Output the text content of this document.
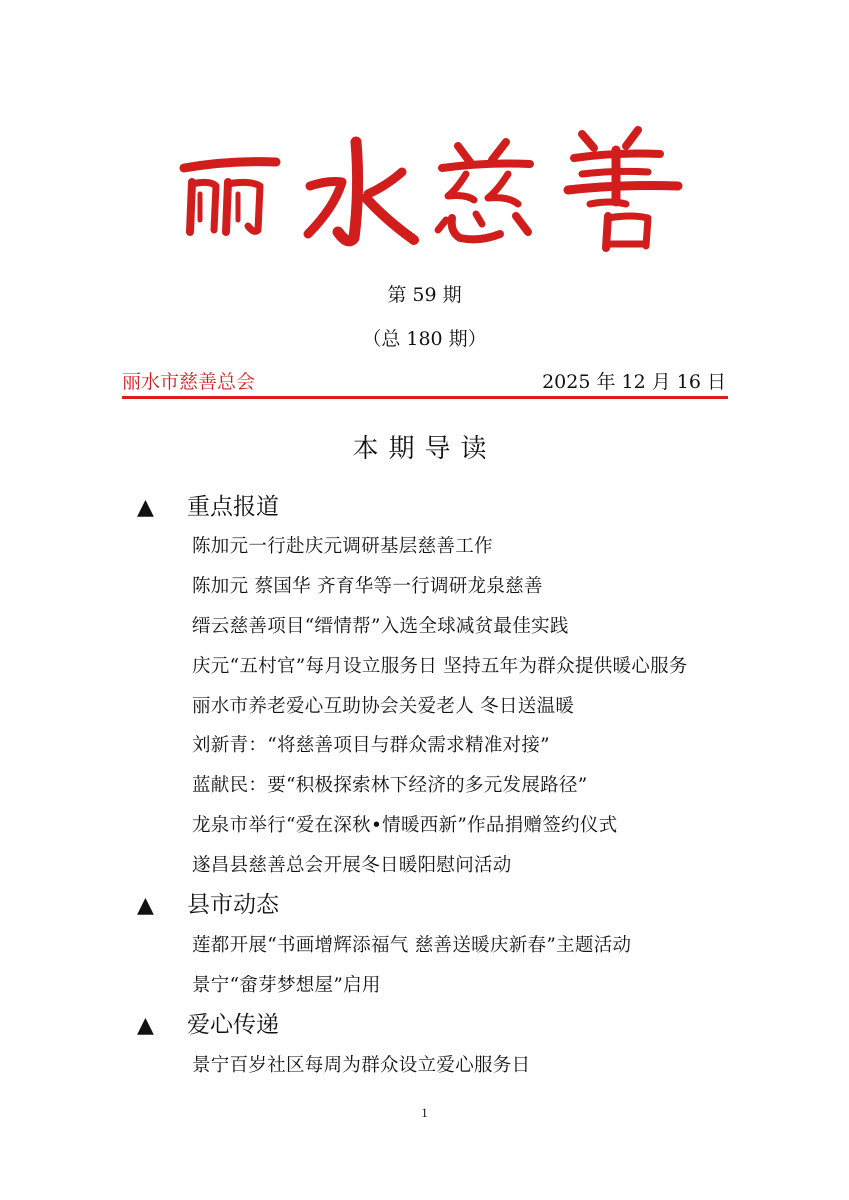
第 59 期
（总 180 期）
丽水市慈善总会	2025 年 12 月 16 日
本期导读
▲ 重点报道
陈加元一行赴庆元调研基层慈善工作
陈加元 蔡国华 齐育华等一行调研龙泉慈善
缙云慈善项目“缙情帮”入选全球减贫最佳实践
庆元“五村官”每月设立服务日 坚持五年为群众提供暖心服务
丽水市养老爱心互助协会关爱老人 冬日送温暖
刘新青：“将慈善项目与群众需求精准对接”
蓝献民：要“积极探索林下经济的多元发展路径”
龙泉市举行“爱在深秋•情暖西新”作品捐赠签约仪式
遂昌县慈善总会开展冬日暖阳慰问活动
▲ 县市动态
莲都开展“书画增辉添福气 慈善送暖庆新春”主题活动
景宁“畲芽梦想屋”启用
▲ 爱心传递
景宁百岁社区每周为群众设立爱心服务日
1
